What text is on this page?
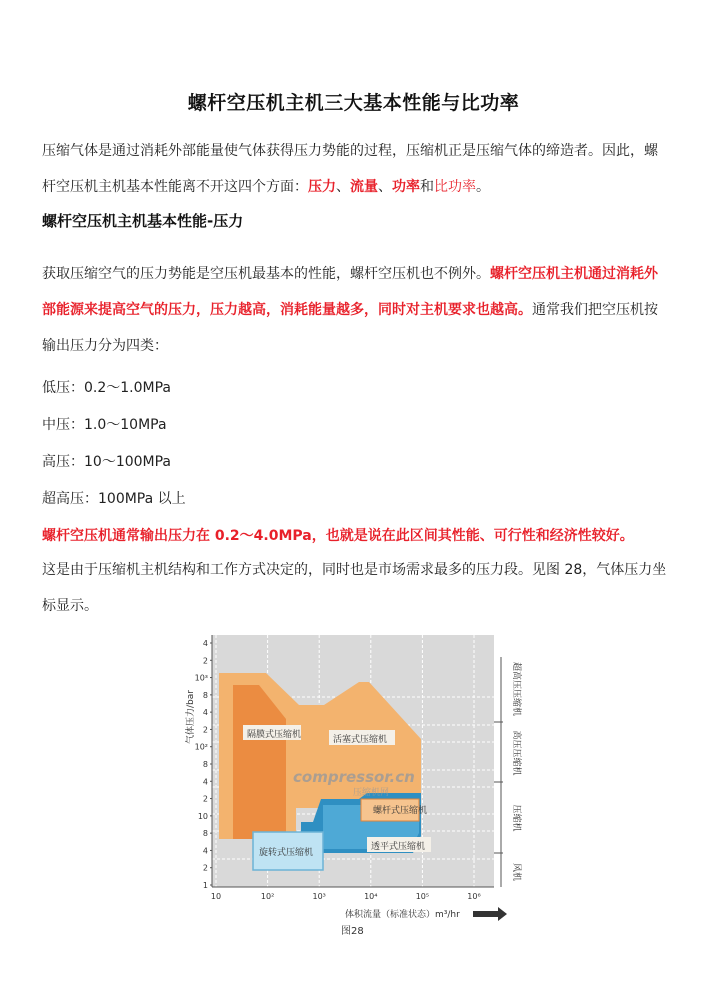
螺杆空压机主机三大基本性能与比功率
压缩气体是通过消耗外部能量使气体获得压力势能的过程，压缩机正是压缩气体的缔造者。因此，螺杆空压机主机基本性能离不开这四个方面：压力、流量、功率和比功率。
螺杆空压机主机基本性能-压力
获取压缩空气的压力势能是空压机最基本的性能，螺杆空压机也不例外。螺杆空压机主机通过消耗外部能源来提高空气的压力，压力越高，消耗能量越多，同时对主机要求也越高。通常我们把空压机按输出压力分为四类：
低压：0.2～1.0MPa
中压：1.0～10MPa
高压：10～100MPa
超高压：100MPa 以上
螺杆空压机通常输出压力在 0.2～4.0MPa，也就是说在此区间其性能、可行性和经济性较好。
这是由于压缩机主机结构和工作方式决定的，同时也是市场需求最多的压力段。见图 28，气体压力坐标显示。
隔膜式压缩机	活塞式压缩机
螺杆式压缩机
旋转式压缩机
透平式压缩机
compressor.cn
压缩机网
4
2
10³
8
4
2
10²
8
4
2
10
8
4
2
1
10	10²	10³	10⁴	10⁵	10⁶
气体压力/bar
体积流量（标准状态）m³/hr
超高压压缩机
高压压缩机
压缩机
风机
图28
